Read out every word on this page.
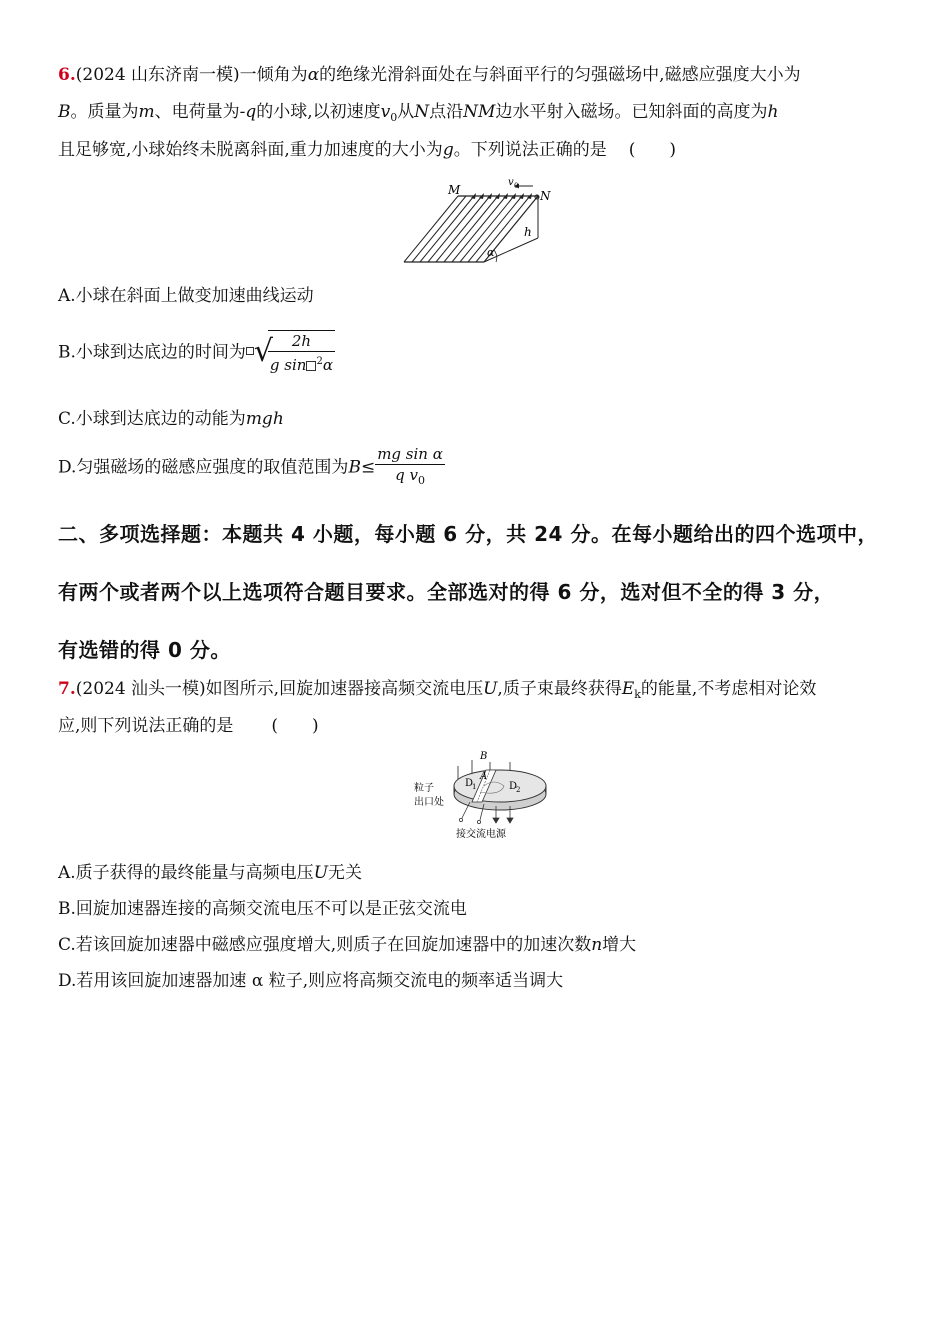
6.(2024 山东济南一模)一倾角为α的绝缘光滑斜面处在与斜面平行的匀强磁场中,磁感应强度大小为
B。质量为m、电荷量为-q的小球,以初速度$v_0$从N点沿NM边水平射入磁场。已知斜面的高度为h
且足够宽,小球始终未脱离斜面,重力加速度的大小为g。下列说法正确的是 (　　)
M	N
v 0
h
α
A.小球在斜面上做变加速曲线运动
B.小球到达底边的时间为 √
$\frac{2h}{g \sin ^2\alpha}$
C.小球到达底边的动能为mgh
D.匀强磁场的磁感应强度的取值范围为$B\le \frac{\text{mg sin α}}{q v_0}$
二、多项选择题：本题共 4 小题，每小题 6 分，共 24 分。在每小题给出的四个选项中，
有两个或者两个以上选项符合题目要求。全部选对的得 6 分，选对但不全的得 3 分，
有选错的得 0 分。
7.(2024 汕头一模)如图所示,回旋加速器接高频交流电压U,质子束最终获得$E_k$的能量,不考虑相对论效
应,则下列说法正确的是 (　　)
B
D
1
A
D
2
粒子
出口处
接交流电源
A.质子获得的最终能量与高频电压U无关
B.回旋加速器连接的高频交流电压不可以是正弦交流电
C.若该回旋加速器中磁感应强度增大,则质子在回旋加速器中的加速次数n增大
D.若用该回旋加速器加速 α 粒子,则应将高频交流电的频率适当调大
